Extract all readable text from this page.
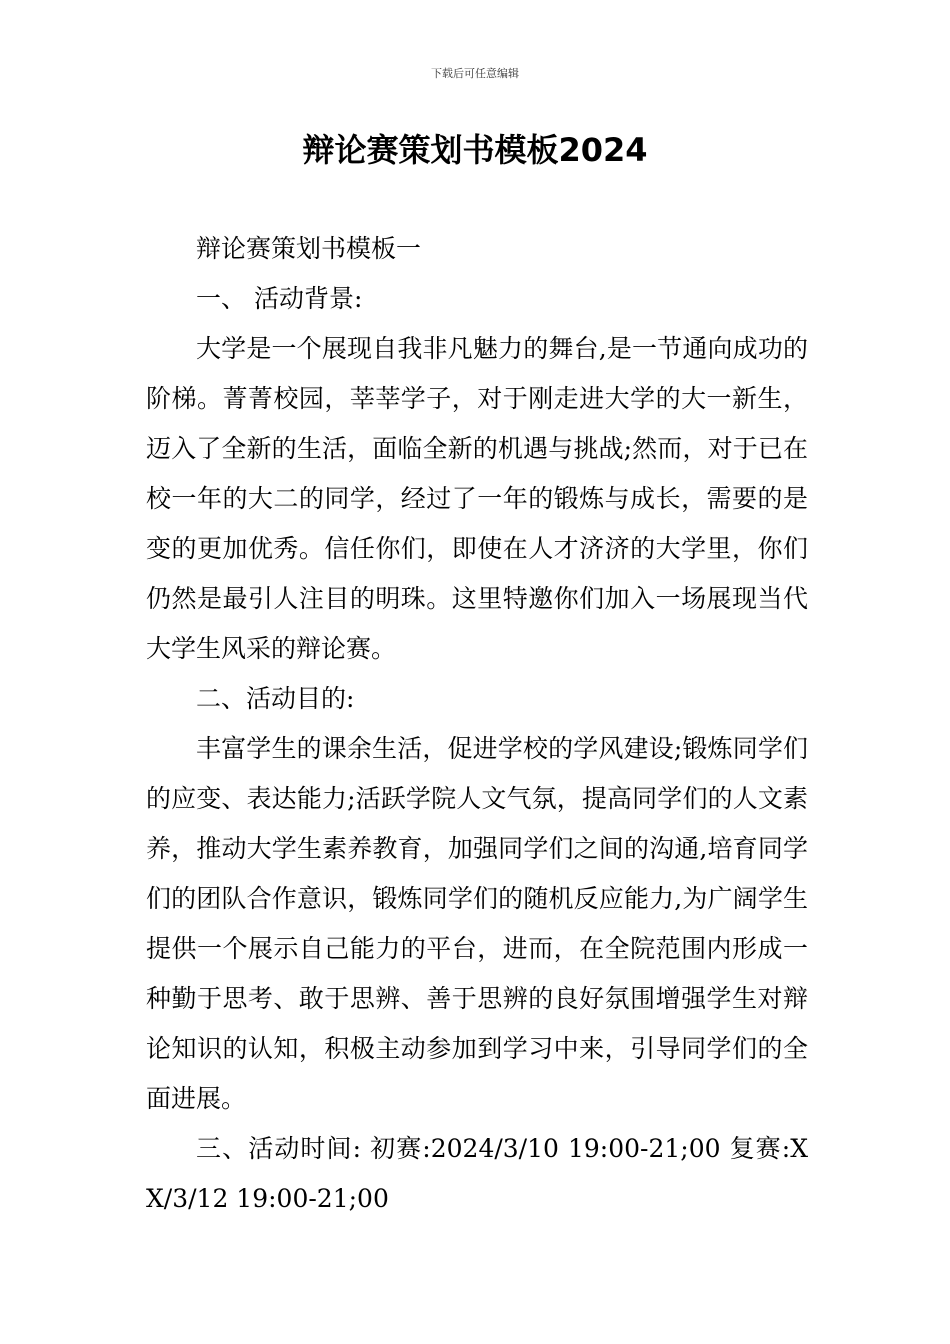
下载后可任意编辑
辩论赛策划书模板2024

辩论赛策划书模板一

一、 活动背景:

大学是一个展现自我非凡魅力的舞台,是一节通向成功的阶梯。菁菁校园，莘莘学子，对于刚走进大学的大一新生，迈入了全新的生活，面临全新的机遇与挑战;然而，对于已在校一年的大二的同学，经过了一年的锻炼与成长，需要的是变的更加优秀。信任你们，即使在人才济济的大学里，你们仍然是最引人注目的明珠。这里特邀你们加入一场展现当代大学生风采的辩论赛。

二、活动目的:

丰富学生的课余生活，促进学校的学风建设;锻炼同学们的应变、表达能力;活跃学院人文气氛，提高同学们的人文素养，推动大学生素养教育，加强同学们之间的沟通,培育同学们的团队合作意识，锻炼同学们的随机反应能力,为广阔学生提供一个展示自己能力的平台，进而，在全院范围内形成一种勤于思考、敢于思辨、善于思辨的良好氛围增强学生对辩论知识的认知，积极主动参加到学习中来，引导同学们的全面进展。

三、活动时间: 初赛:2024/3/10 19:00-21;00 复赛:XX/3/12 19:00-21;00
